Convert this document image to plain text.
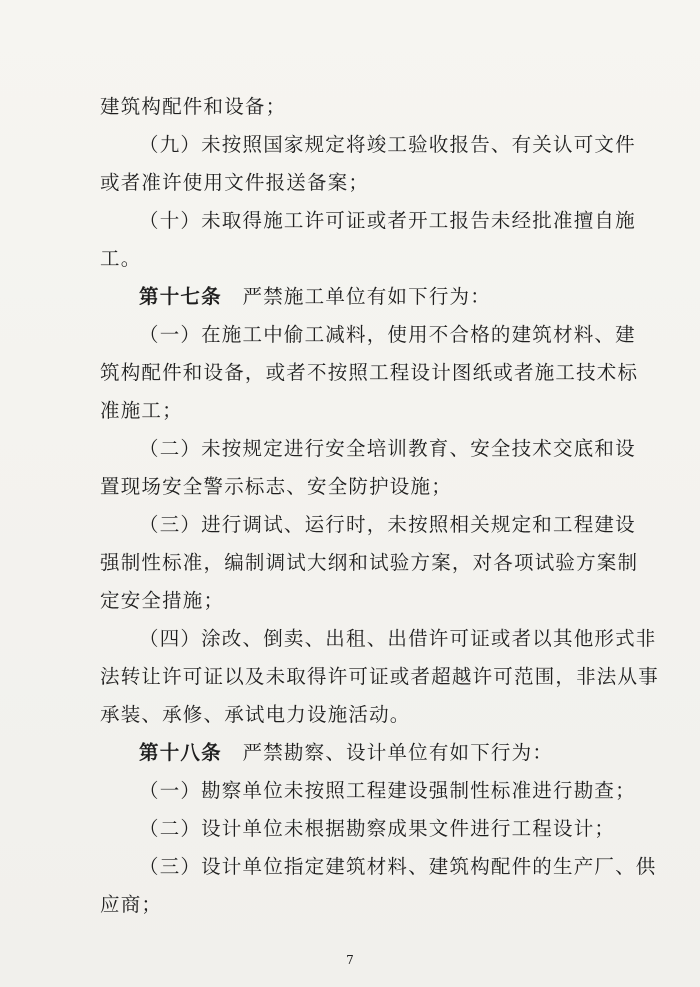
建筑构配件和设备；
（九）未按照国家规定将竣工验收报告、有关认可文件
或者准许使用文件报送备案；
（十）未取得施工许可证或者开工报告未经批准擅自施
工。
第十七条　严禁施工单位有如下行为：
（一）在施工中偷工减料，使用不合格的建筑材料、建
筑构配件和设备，或者不按照工程设计图纸或者施工技术标
准施工；
（二）未按规定进行安全培训教育、安全技术交底和设
置现场安全警示标志、安全防护设施；
（三）进行调试、运行时，未按照相关规定和工程建设
强制性标准，编制调试大纲和试验方案，对各项试验方案制
定安全措施；
（四）涂改、倒卖、出租、出借许可证或者以其他形式非
法转让许可证以及未取得许可证或者超越许可范围，非法从事
承装、承修、承试电力设施活动。
第十八条　严禁勘察、设计单位有如下行为：
（一）勘察单位未按照工程建设强制性标准进行勘查；
（二）设计单位未根据勘察成果文件进行工程设计；
（三）设计单位指定建筑材料、建筑构配件的生产厂、供
应商；
7
